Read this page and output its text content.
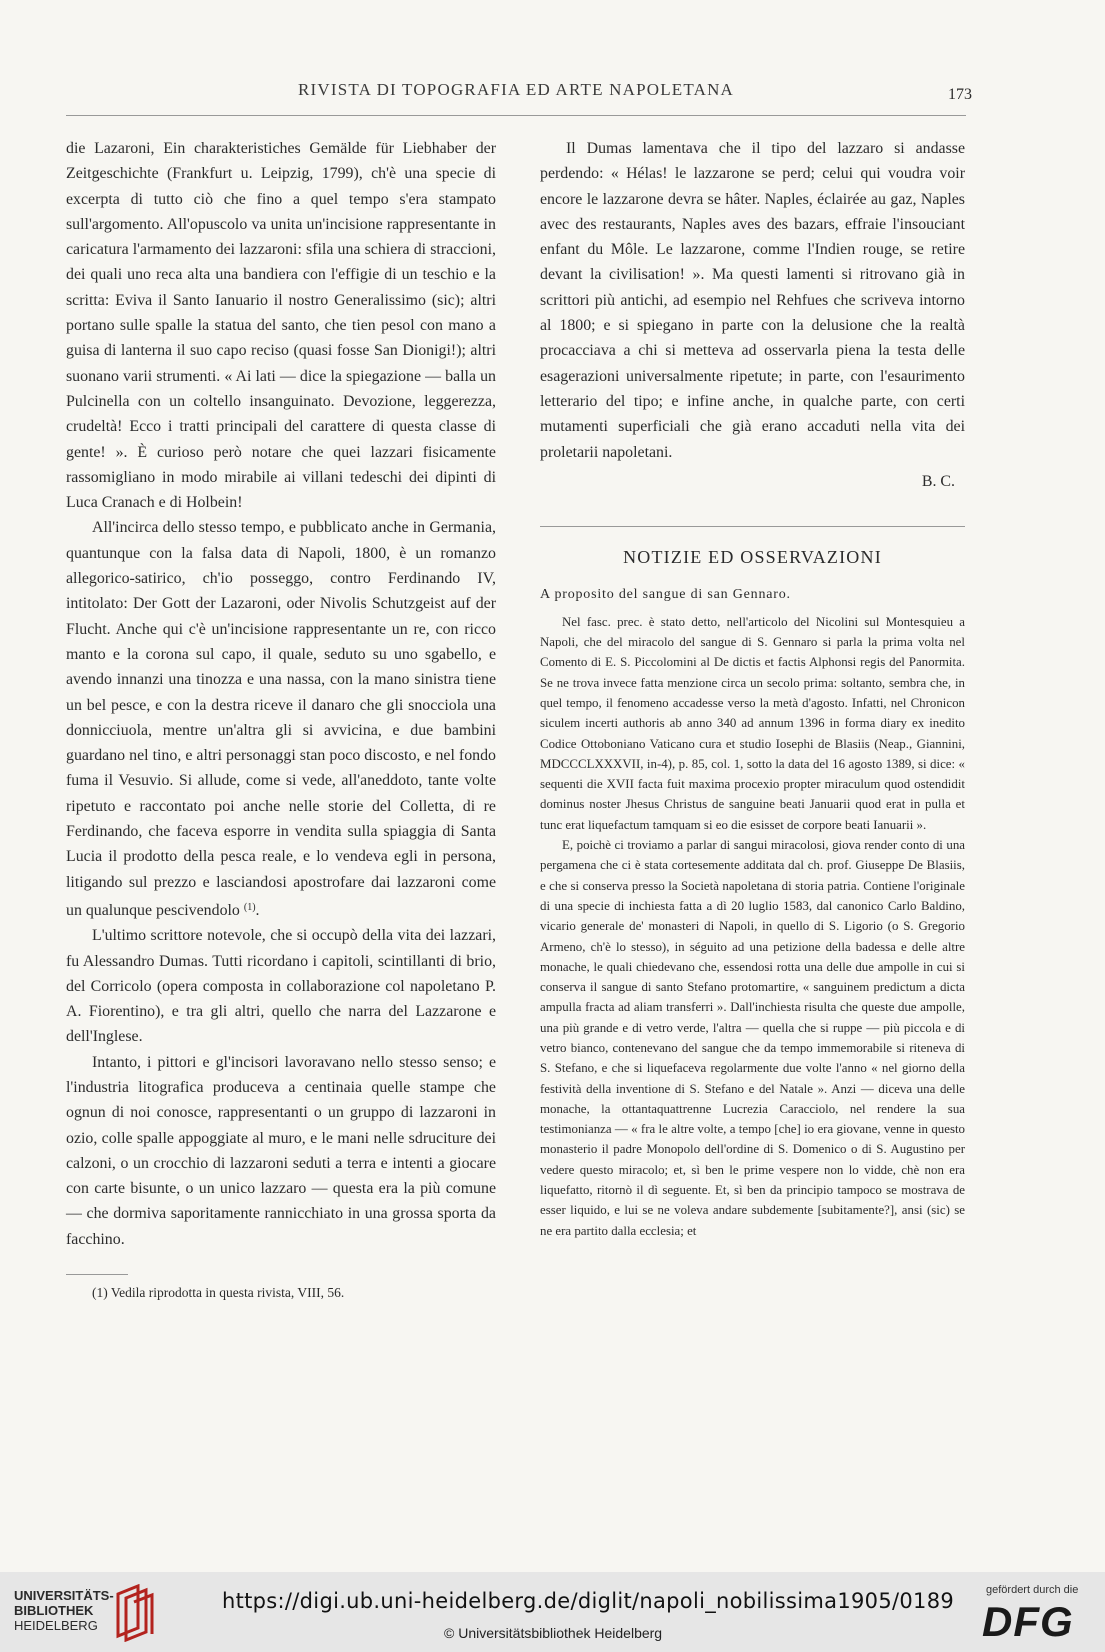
RIVISTA DI TOPOGRAFIA ED ARTE NAPOLETANA	173

die Lazaroni, Ein charakteristiches Gemälde für Liebhaber der Zeitgeschichte (Frankfurt u. Leipzig, 1799), ch'è una specie di excerpta di tutto ciò che fino a quel tempo s'era stampato sull'argomento. All'opuscolo va unita un'incisione rappresentante in caricatura l'armamento dei lazzaroni: sfila una schiera di straccioni, dei quali uno reca alta una bandiera con l'effigie di un teschio e la scritta: Eviva il Santo Ianuario il nostro Generalissimo (sic); altri portano sulle spalle la statua del santo, che tien pesol con mano a guisa di lanterna il suo capo reciso (quasi fosse San Dionigi!); altri suonano varii strumenti. « Ai lati — dice la spiegazione — balla un Pulcinella con un coltello insanguinato. Devozione, leggerezza, crudeltà! Ecco i tratti principali del carattere di questa classe di gente! ». È curioso però notare che quei lazzari fisicamente rassomigliano in modo mirabile ai villani tedeschi dei dipinti di Luca Cranach e di Holbein!

All'incirca dello stesso tempo, e pubblicato anche in Germania, quantunque con la falsa data di Napoli, 1800, è un romanzo allegorico-satirico, ch'io posseggo, contro Ferdinando IV, intitolato: Der Gott der Lazaroni, oder Nivolis Schutzgeist auf der Flucht. Anche qui c'è un'incisione rappresentante un re, con ricco manto e la corona sul capo, il quale, seduto su uno sgabello, e avendo innanzi una tinozza e una nassa, con la mano sinistra tiene un bel pesce, e con la destra riceve il danaro che gli snocciola una donnicciuola, mentre un'altra gli si avvicina, e due bambini guardano nel tino, e altri personaggi stan poco discosto, e nel fondo fuma il Vesuvio. Si allude, come si vede, all'aneddoto, tante volte ripetuto e raccontato poi anche nelle storie del Colletta, di re Ferdinando, che faceva esporre in vendita sulla spiaggia di Santa Lucia il prodotto della pesca reale, e lo vendeva egli in persona, litigando sul prezzo e lasciandosi apostrofare dai lazzaroni come un qualunque pescivendolo $^{(1)}$.

L'ultimo scrittore notevole, che si occupò della vita dei lazzari, fu Alessandro Dumas. Tutti ricordano i capitoli, scintillanti di brio, del Corricolo (opera composta in collaborazione col napoletano P. A. Fiorentino), e tra gli altri, quello che narra del Lazzarone e dell'Inglese.

Intanto, i pittori e gl'incisori lavoravano nello stesso senso; e l'industria litografica produceva a centinaia quelle stampe che ognun di noi conosce, rappresentanti o un gruppo di lazzaroni in ozio, colle spalle appoggiate al muro, e le mani nelle sdruciture dei calzoni, o un crocchio di lazzaroni seduti a terra e intenti a giocare con carte bisunte, o un unico lazzaro — questa era la più comune — che dormiva saporitamente rannicchiato in una grossa sporta da facchino.

(1) Vedila riprodotta in questa rivista, VIII, 56.

Il Dumas lamentava che il tipo del lazzaro si andasse perdendo: « Hélas! le lazzarone se perd; celui qui voudra voir encore le lazzarone devra se hâter. Naples, éclairée au gaz, Naples avec des restaurants, Naples aves des bazars, effraie l'insouciant enfant du Môle. Le lazzarone, comme l'Indien rouge, se retire devant la civilisation! ». Ma questi lamenti si ritrovano già in scrittori più antichi, ad esempio nel Rehfues che scriveva intorno al 1800; e si spiegano in parte con la delusione che la realtà procacciava a chi si metteva ad osservarla piena la testa delle esagerazioni universalmente ripetute; in parte, con l'esaurimento letterario del tipo; e infine anche, in qualche parte, con certi mutamenti superficiali che già erano accaduti nella vita dei proletarii napoletani.

B. C.
NOTIZIE ED OSSERVAZIONI
A proposito del sangue di san Gennaro.

Nel fasc. prec. è stato detto, nell'articolo del Nicolini sul Montesquieu a Napoli, che del miracolo del sangue di S. Gennaro si parla la prima volta nel Comento di E. S. Piccolomini al De dictis et factis Alphonsi regis del Panormita. Se ne trova invece fatta menzione circa un secolo prima: soltanto, sembra che, in quel tempo, il fenomeno accadesse verso la metà d'agosto. Infatti, nel Chronicon siculem incerti authoris ab anno 340 ad annum 1396 in forma diary ex inedito Codice Ottoboniano Vaticano cura et studio Iosephi de Blasiis (Neap., Giannini, MDCCCLXXXVII, in-4), p. 85, col. 1, sotto la data del 16 agosto 1389, si dice: « sequenti die XVII facta fuit maxima procexio propter miraculum quod ostendidit dominus noster Jhesus Christus de sanguine beati Januarii quod erat in pulla et tunc erat liquefactum tamquam si eo die esisset de corpore beati Ianuarii ».

E, poichè ci troviamo a parlar di sangui miracolosi, giova render conto di una pergamena che ci è stata cortesemente additata dal ch. prof. Giuseppe De Blasiis, e che si conserva presso la Società napoletana di storia patria. Contiene l'originale di una specie di inchiesta fatta a dì 20 luglio 1583, dal canonico Carlo Baldino, vicario generale de' monasteri di Napoli, in quello di S. Ligorio (o S. Gregorio Armeno, ch'è lo stesso), in séguito ad una petizione della badessa e delle altre monache, le quali chiedevano che, essendosi rotta una delle due ampolle in cui si conserva il sangue di santo Stefano protomartire, « sanguinem predictum a dicta ampulla fracta ad aliam transferri ». Dall'inchiesta risulta che queste due ampolle, una più grande e di vetro verde, l'altra — quella che si ruppe — più piccola e di vetro bianco, contenevano del sangue che da tempo immemorabile si riteneva di S. Stefano, e che si liquefaceva regolarmente due volte l'anno « nel giorno della festività della inventione di S. Stefano e del Natale ». Anzi — diceva una delle monache, la ottantaquattrenne Lucrezia Caracciolo, nel rendere la sua testimonianza — « fra le altre volte, a tempo [che] io era giovane, venne in questo monasterio il padre Monopolo dell'ordine di S. Domenico o di S. Augustino per vedere questo miracolo; et, sì ben le prime vespere non lo vidde, chè non era liquefatto, ritornò il dì seguente. Et, sì ben da principio tampoco se mostrava de esser liquido, e lui se ne voleva andare subdemente [subitamente?], ansi (sic) se ne era partito dalla ecclesia; et

UNIVERSITÄTS-
BIBLIOTHEK
HEIDELBERG
https://digi.ub.uni-heidelberg.de/diglit/napoli_nobilissima1905/0189
© Universitätsbibliothek Heidelberg
gefördert durch die
DFG
